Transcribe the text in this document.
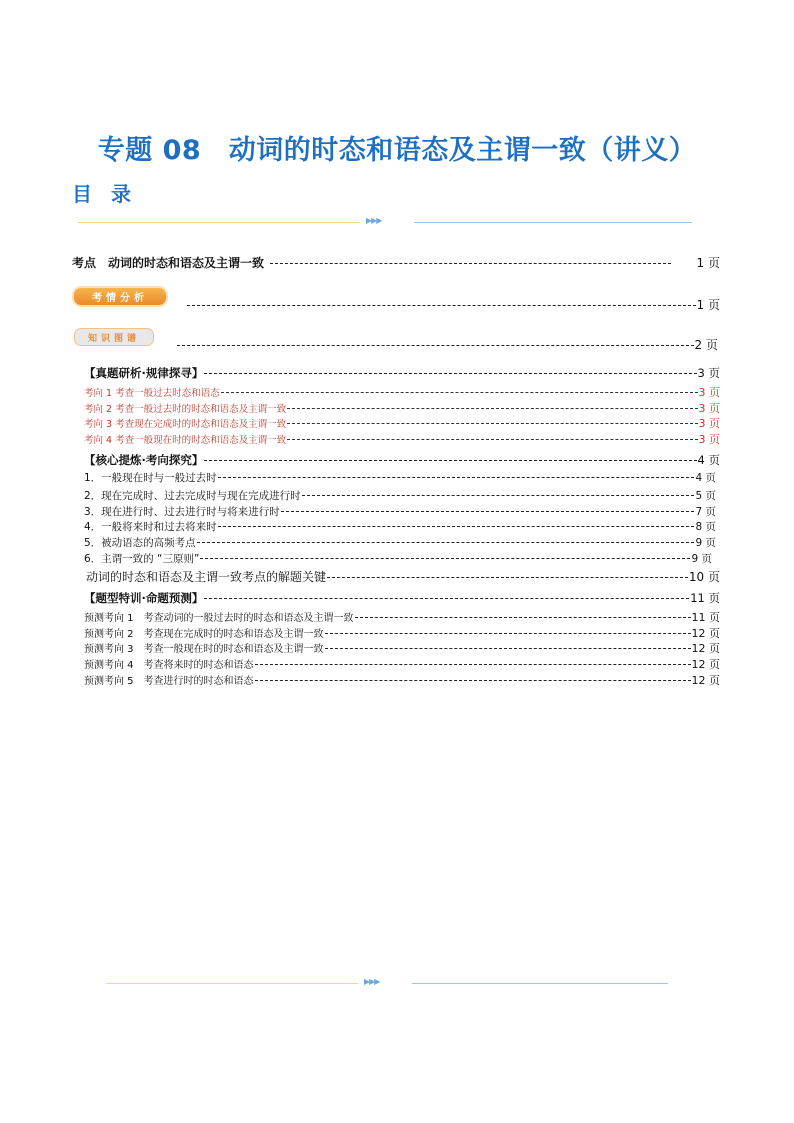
专题 08　动词的时态和语态及主谓一致（讲义）
目 录
▶▶▶
考点　动词的时态和语态及主谓一致	1 页
考情分析	1 页
知识图谱	2 页
【真题研析·规律探寻】	3 页
考向 1 考查一般过去时态和语态	3 页
考向 2 考查一般过去时的时态和语态及主谓一致	3 页
考向 3 考查现在完成时的时态和语态及主谓一致	3 页
考向 4 考查一般现在时的时态和语态及主谓一致	3 页
【核心提炼·考向探究】	4 页
1．一般现在时与一般过去时	4 页
2．现在完成时、过去完成时与现在完成进行时	5 页
3．现在进行时、过去进行时与将来进行时	7 页
4．一般将来时和过去将来时	8 页
5．被动语态的高频考点	9 页
6．主谓一致的 “三原则”	9 页
动词的时态和语态及主谓一致考点的解题关键	10 页
【题型特训·命题预测】	11 页
预测考向 1　考查动词的一般过去时的时态和语态及主谓一致	11 页
预测考向 2　考查现在完成时的时态和语态及主谓一致	12 页
预测考向 3　考查一般现在时的时态和语态及主谓一致	12 页
预测考向 4　考查将来时的时态和语态	12 页
预测考向 5　考查进行时的时态和语态	12 页
▶▶▶
